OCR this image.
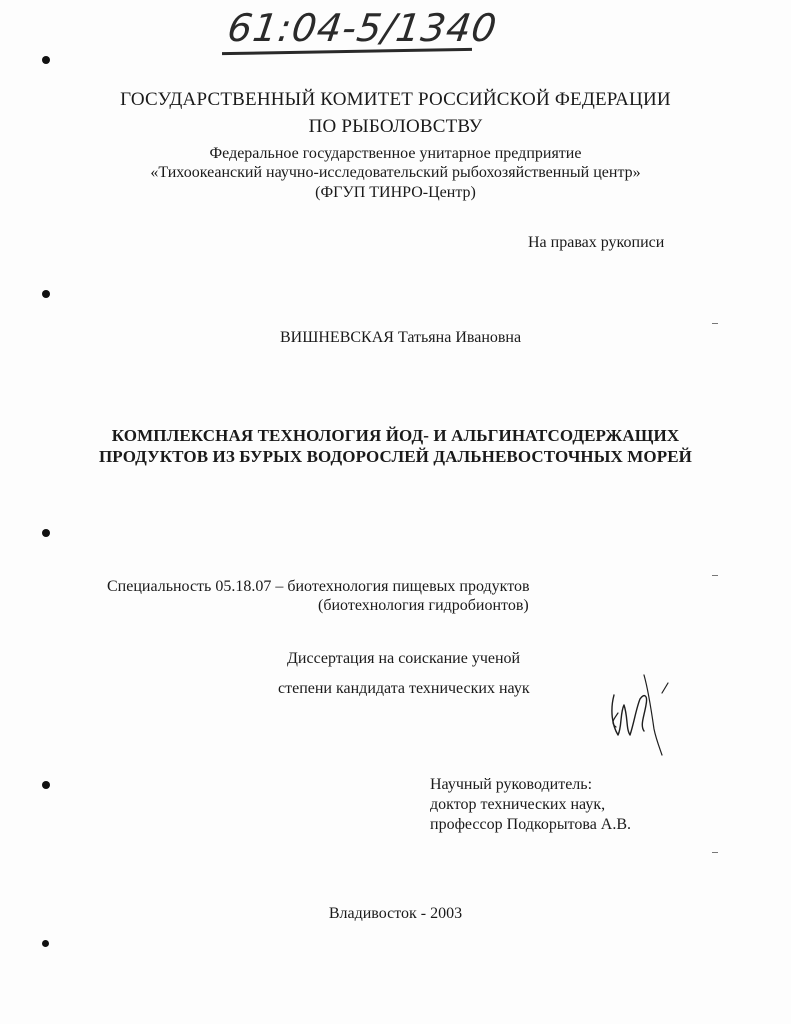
61:04-5/1340
ГОСУДАРСТВЕННЫЙ КОМИТЕТ РОССИЙСКОЙ ФЕДЕРАЦИИ
ПО РЫБОЛОВСТВУ
Федеральное государственное унитарное предприятие
«Тихоокеанский научно-исследовательский рыбохозяйственный центр»
(ФГУП ТИНРО-Центр)
На правах рукописи
ВИШНЕВСКАЯ Татьяна Ивановна
КОМПЛЕКСНАЯ ТЕХНОЛОГИЯ ЙОД- И АЛЬГИНАТСОДЕРЖАЩИХ
ПРОДУКТОВ ИЗ БУРЫХ ВОДОРОСЛЕЙ ДАЛЬНЕВОСТОЧНЫХ МОРЕЙ
Специальность 05.18.07 – биотехнология пищевых продуктов
(биотехнология гидробионтов)
Диссертация на соискание ученой
степени кандидата технических наук
Научный руководитель:
доктор технических наук,
профессор Подкорытова А.В.
Владивосток - 2003
